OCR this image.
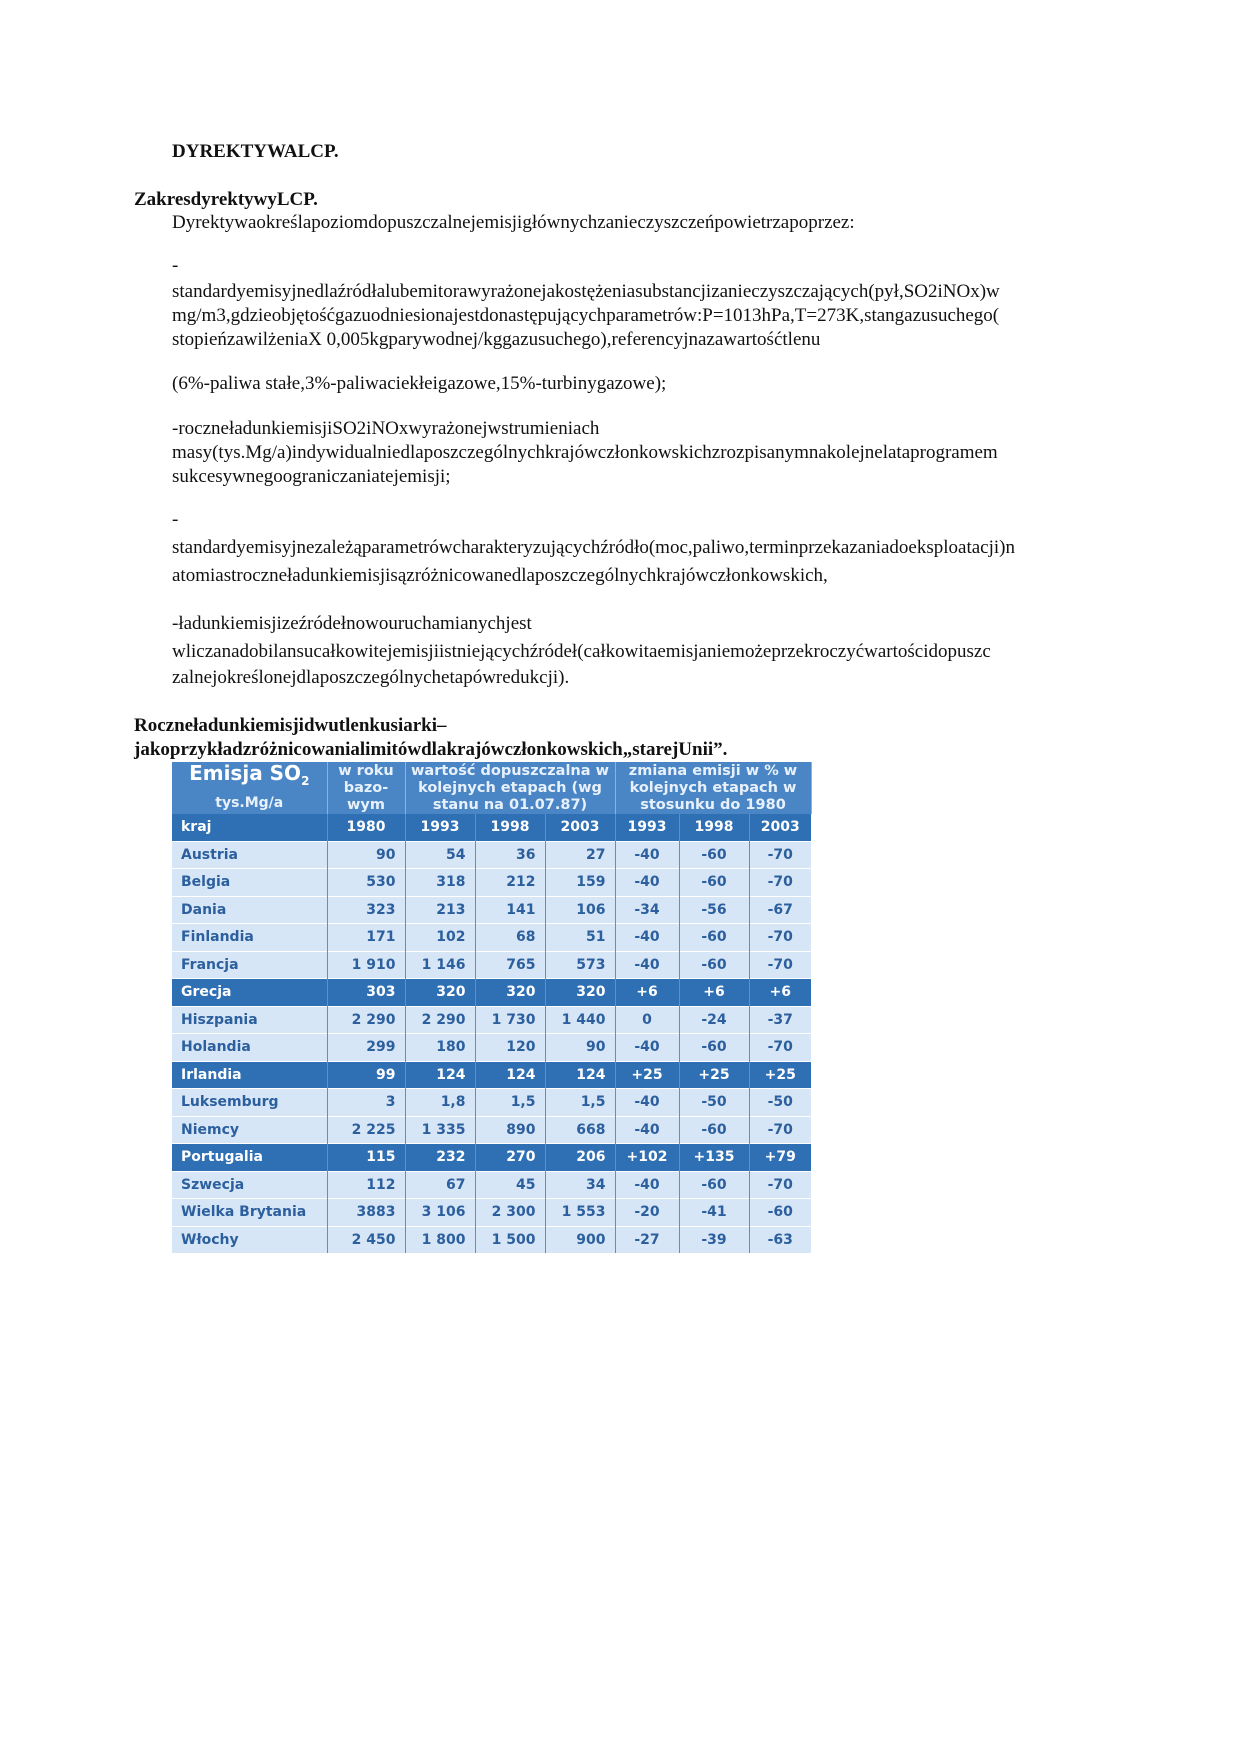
DYREKTYWALCP.
ZakresdyrektywyLCP.
Dyrektywaokreślapoziomdopuszczalnejemisjigłównychzanieczyszczeńpowietrzapoprzez:
-
standardyemisyjnedlaźródłalubemitorawyrażonejakostężeniasubstancjizanieczyszczających(pył,SO2iNOx)w
mg/m3,gdzieobjętośćgazuodniesionajestdonastępującychparametrów:P=1013hPa,T=273K,stangazusuchego(
stopieńzawilżeniaX 0,005kgparywodnej/kggazusuchego),referencyjnazawartośćtlenu
(6%-paliwa stałe,3%-paliwaciekłeigazowe,15%-turbinygazowe);
-roczneładunkiemisjiSO2iNOxwyrażonejwstrumieniach
masy(tys.Mg/a)indywidualniedlaposzczególnychkrajówczłonkowskichzrozpisanymnakolejnelataprogramem
sukcesywnegoograniczaniatejemisji;
-
standardyemisyjnezależąparametrówcharakteryzującychźródło(moc,paliwo,terminprzekazaniadoeksploatacji)n
atomiastroczneładunkiemisjisązróżnicowanedlaposzczególnychkrajówczłonkowskich,
-ładunkiemisjizeźródełnowouruchamianychjest
wliczanadobilansucałkowitejemisjiistniejącychźródeł(całkowitaemisjaniemożeprzekroczyćwartościdopuszc
zalnejokreślonejdlaposzczególnychetapówredukcji).
Roczneładunkiemisjidwutlenkusiarki–
jakoprzykładzróżnicowanialimitówdlakrajówczłonkowskich„starejUnii”.
Emisja $SO_2$
tys.Mg/a	w roku bazo-wym	wartość dopuszczalna w kolejnych etapach (wg stanu na 01.07.87)			zmiana emisji w % w kolejnych etapach w stosunku do 1980		

kraj	1980	1993	1998	2003	1993	1998	2003
Austria	90	54	36	27	-40	-60	-70
Belgia	530	318	212	159	-40	-60	-70
Dania	323	213	141	106	-34	-56	-67
Finlandia	171	102	68	51	-40	-60	-70
Francja	1 910	1 146	765	573	-40	-60	-70
Grecja	303	320	320	320	+6	+6	+6
Hiszpania	2 290	2 290	1 730	1 440	0	-24	-37
Holandia	299	180	120	90	-40	-60	-70
Irlandia	99	124	124	124	+25	+25	+25
Luksemburg	3	1,8	1,5	1,5	-40	-50	-50
Niemcy	2 225	1 335	890	668	-40	-60	-70
Portugalia	115	232	270	206	+102	+135	+79
Szwecja	112	67	45	34	-40	-60	-70
Wielka Brytania	3883	3 106	2 300	1 553	-20	-41	-60
Włochy	2 450	1 800	1 500	900	-27	-39	-63
